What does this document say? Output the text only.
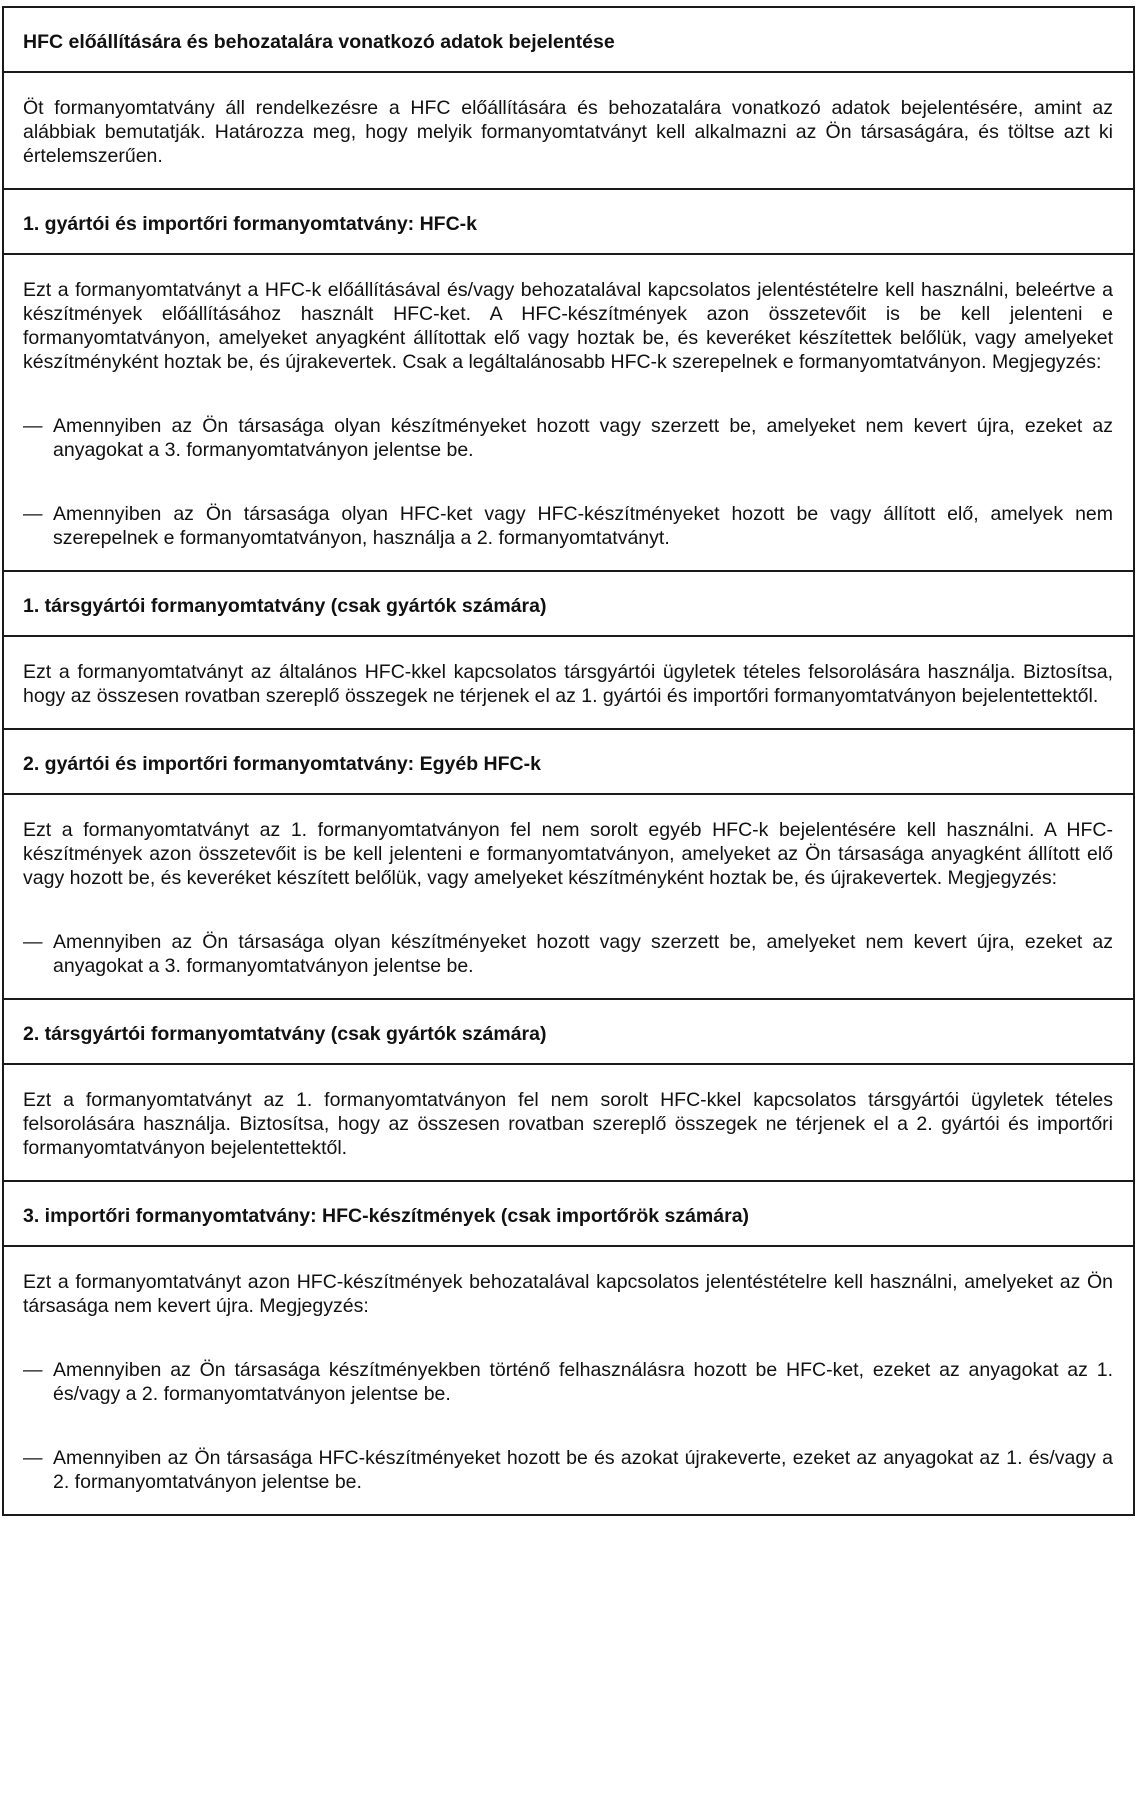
HFC előállítására és behozatalára vonatkozó adatok bejelentése

Öt formanyomtatvány áll rendelkezésre a HFC előállítására és behozatalára vonatkozó adatok bejelentésére, amint az alábbiak bemutatják. Határozza meg, hogy melyik formanyomtatványt kell alkalmazni az Ön társaságára, és töltse azt ki értelemszerűen.

1. gyártói és importőri formanyomtatvány: HFC-k

Ezt a formanyomtatványt a HFC-k előállításával és/vagy behozatalával kapcsolatos jelentéstételre kell használni, beleértve a készítmények előállításához használt HFC-ket. A HFC-készítmények azon összetevőit is be kell jelenteni e formanyomtatványon, amelyeket anyagként állítottak elő vagy hoztak be, és keveréket készítettek belőlük, vagy amelyeket készítményként hoztak be, és újrakevertek. Csak a legáltalánosabb HFC-k szerepelnek e formanyomtatványon. Megjegyzés:

— Amennyiben az Ön társasága olyan készítményeket hozott vagy szerzett be, amelyeket nem kevert újra, ezeket az anyagokat a 3. formanyomtatványon jelentse be.
— Amennyiben az Ön társasága olyan HFC-ket vagy HFC-készítményeket hozott be vagy állított elő, amelyek nem szerepelnek e formanyomtatványon, használja a 2. formanyomtatványt.
1. társgyártói formanyomtatvány (csak gyártók számára)

Ezt a formanyomtatványt az általános HFC-kkel kapcsolatos társgyártói ügyletek tételes felsorolására használja. Biztosítsa, hogy az összesen rovatban szereplő összegek ne térjenek el az 1. gyártói és importőri formanyomtatványon bejelentettektől.

2. gyártói és importőri formanyomtatvány: Egyéb HFC-k

Ezt a formanyomtatványt az 1. formanyomtatványon fel nem sorolt egyéb HFC-k bejelentésére kell használni. A HFC-készítmények azon összetevőit is be kell jelenteni e formanyomtatványon, amelyeket az Ön társasága anyagként állított elő vagy hozott be, és keveréket készített belőlük, vagy amelyeket készítményként hoztak be, és újrakevertek. Megjegyzés:

— Amennyiben az Ön társasága olyan készítményeket hozott vagy szerzett be, amelyeket nem kevert újra, ezeket az anyagokat a 3. formanyomtatványon jelentse be.
2. társgyártói formanyomtatvány (csak gyártók számára)

Ezt a formanyomtatványt az 1. formanyomtatványon fel nem sorolt HFC-kkel kapcsolatos társgyártói ügyletek tételes felsorolására használja. Biztosítsa, hogy az összesen rovatban szereplő összegek ne térjenek el a 2. gyártói és importőri formanyomtatványon bejelentettektől.

3. importőri formanyomtatvány: HFC-készítmények (csak importőrök számára)

Ezt a formanyomtatványt azon HFC-készítmények behozatalával kapcsolatos jelentéstételre kell használni, amelyeket az Ön társasága nem kevert újra. Megjegyzés:

— Amennyiben az Ön társasága készítményekben történő felhasználásra hozott be HFC-ket, ezeket az anyagokat az 1. és/vagy a 2. formanyomtatványon jelentse be.
— Amennyiben az Ön társasága HFC-készítményeket hozott be és azokat újrakeverte, ezeket az anyagokat az 1. és/vagy a 2. formanyomtatványon jelentse be.
